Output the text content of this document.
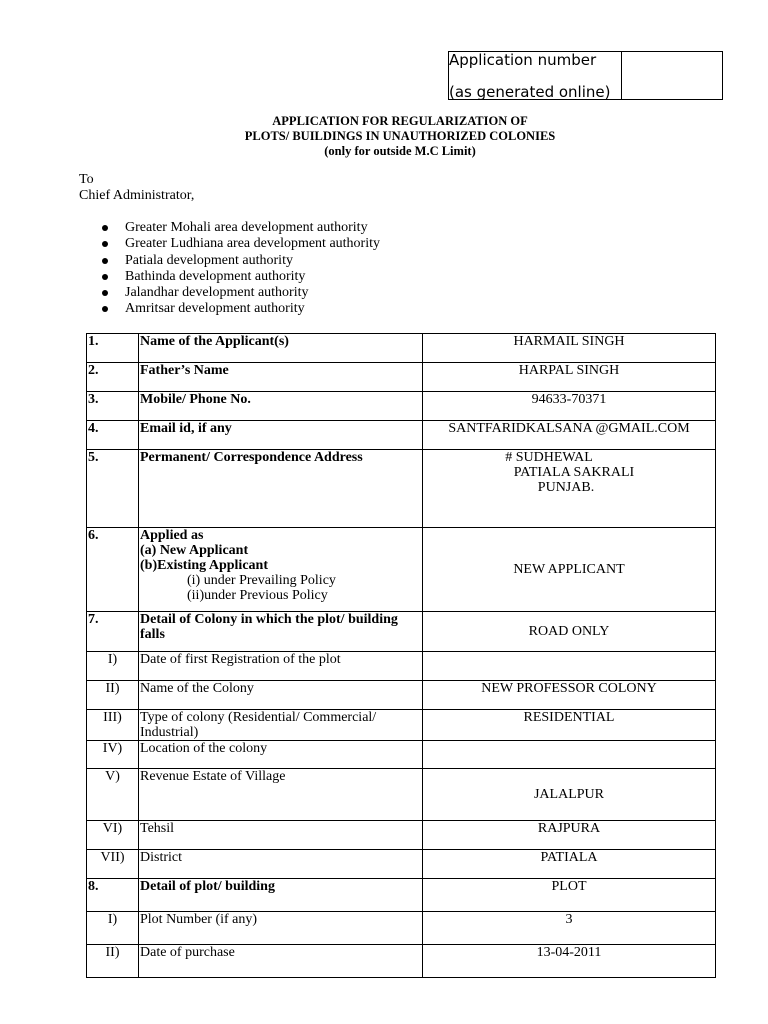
Application number
(as generated online)
APPLICATION FOR REGULARIZATION OF
PLOTS/ BUILDINGS IN UNAUTHORIZED COLONIES
(only for outside M.C Limit)
To
Chief Administrator,
Greater Mohali area development authority
Greater Ludhiana area development authority
Patiala development authority
Bathinda development authority
Jalandhar development authority
Amritsar development authority
1.	Name of the Applicant(s)	HARMAIL SINGH
2.	Father’s Name	HARPAL SINGH
3.	Mobile/ Phone No.	94633-70371
4.	Email id, if any	SANTFARIDKALSANA @GMAIL.COM
5.	Permanent/ Correspondence Address	# SUDHEWAL
PATIALA SAKRALI
PUNJAB.

6.	Applied as
(a) New Applicant
(b)Existing Applicant
(i) under Prevailing Policy
(ii)under Previous Policy	NEW APPLICANT
7.	Detail of Colony in which the plot/ building falls	ROAD ONLY
I)	Date of first Registration of the plot	
II)	Name of the Colony	NEW PROFESSOR COLONY
III)	Type of colony (Residential/ Commercial/ Industrial)	RESIDENTIAL
IV)	Location of the colony	
V)	Revenue Estate of Village	JALALPUR
VI)	Tehsil	RAJPURA
VII)	District	PATIALA
8.	Detail of plot/ building	PLOT
I)	Plot Number (if any)	3
II)	Date of purchase	13-04-2011
